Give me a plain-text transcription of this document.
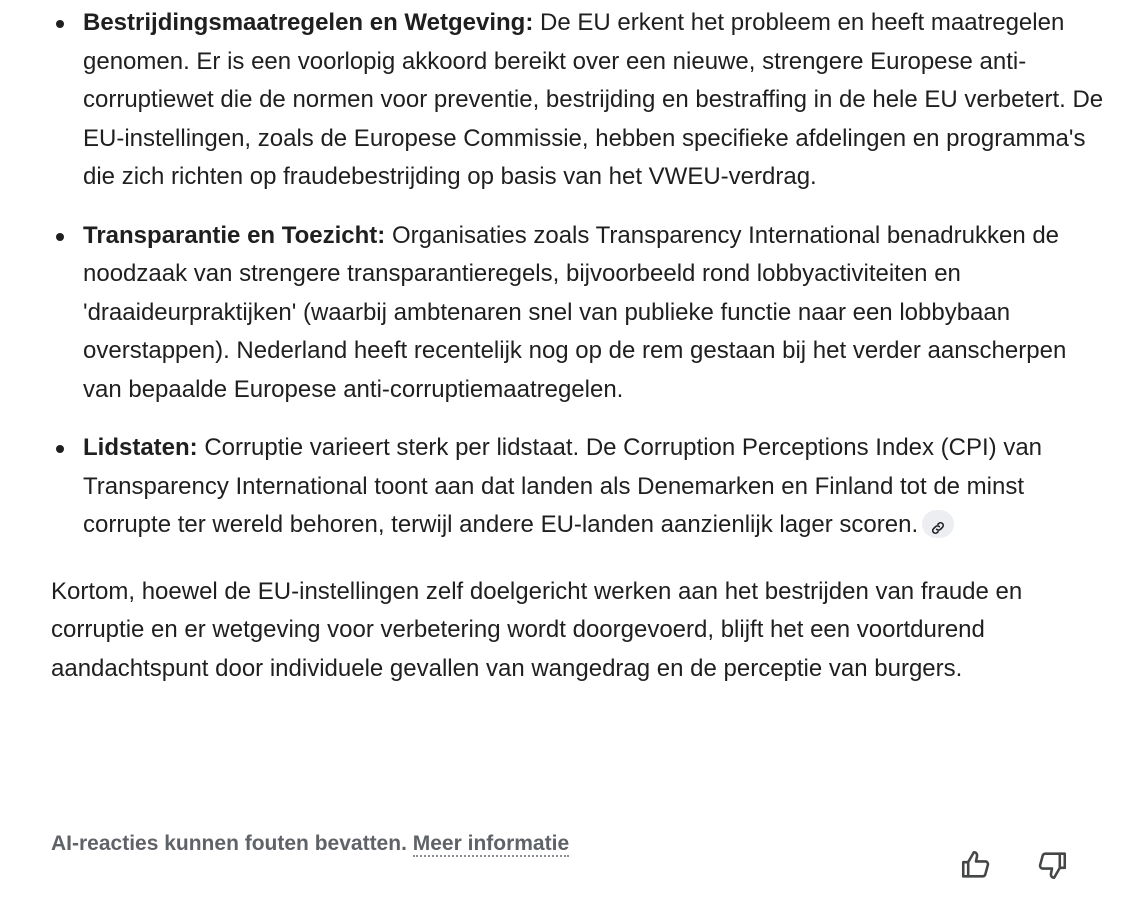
Bestrijdingsmaatregelen en Wetgeving: De EU erkent het probleem en heeft maatregelen genomen. Er is een voorlopig akkoord bereikt over een nieuwe, strengere Europese anti-corruptiewet die de normen voor preventie, bestrijding en bestraffing in de hele EU verbetert. De EU-instellingen, zoals de Europese Commissie, hebben specifieke afdelingen en programma's die zich richten op fraudebestrijding op basis van het VWEU-verdrag.
Transparantie en Toezicht: Organisaties zoals Transparency International benadrukken de noodzaak van strengere transparantieregels, bijvoorbeeld rond lobbyactiviteiten en 'draaideurpraktijken' (waarbij ambtenaren snel van publieke functie naar een lobbybaan overstappen). Nederland heeft recentelijk nog op de rem gestaan bij het verder aanscherpen van bepaalde Europese anti-corruptiemaatregelen.
Lidstaten: Corruptie varieert sterk per lidstaat. De Corruption Perceptions Index (CPI) van Transparency International toont aan dat landen als Denemarken en Finland tot de minst corrupte ter wereld behoren, terwijl andere EU-landen aanzienlijk lager scoren.

Kortom, hoewel de EU-instellingen zelf doelgericht werken aan het bestrijden van fraude en corruptie en er wetgeving voor verbetering wordt doorgevoerd, blijft het een voortdurend aandachtspunt door individuele gevallen van wangedrag en de perceptie van burgers.

AI-reacties kunnen fouten bevatten. Meer informatie
